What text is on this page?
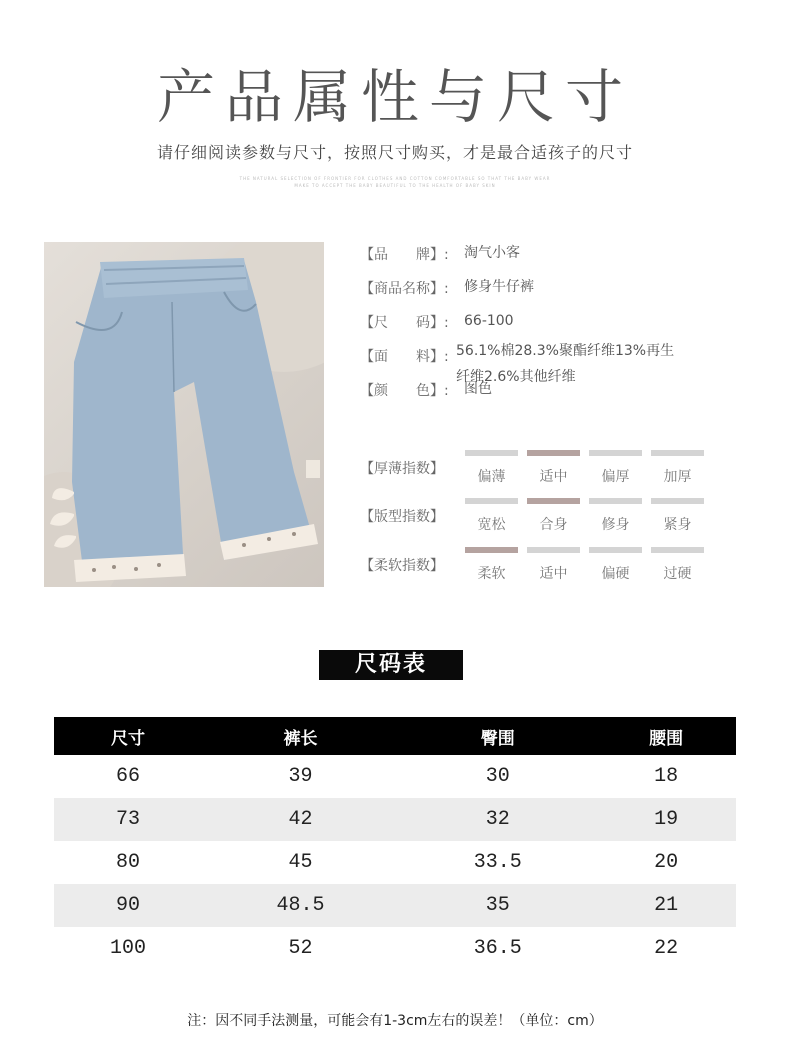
产品属性与尺寸
请仔细阅读参数与尺寸，按照尺寸购买，才是最合适孩子的尺寸
THE NATURAL SELECTION OF FRONTIER FOR CLOTHES AND COTTON COMFORTABLE SO THAT THE BABY WEAR
MAKE TO ACCEPT THE BABY BEAUTIFUL TO THE HEALTH OF BABY SKIN
【品　　牌】:	淘气小客
【商品名称】:	修身牛仔裤
【尺　　码】:	66-100
【面　　料】: 56.1%棉28.3%聚酯纤维13%再生纤维2.6%其他纤维
【颜　　色】:	图色
【厚薄指数】	偏薄	适中	偏厚	加厚
【版型指数】	宽松	合身	修身	紧身
【柔软指数】	柔软	适中	偏硬	过硬
尺码表
尺寸	裤长	臀围	腰围
66	39	30	18
73	42	32	19
80	45	33.5	20
90	48.5	35	21
100	52	36.5	22
注：因不同手法测量，可能会有1-3cm左右的误差！（单位：cm）
